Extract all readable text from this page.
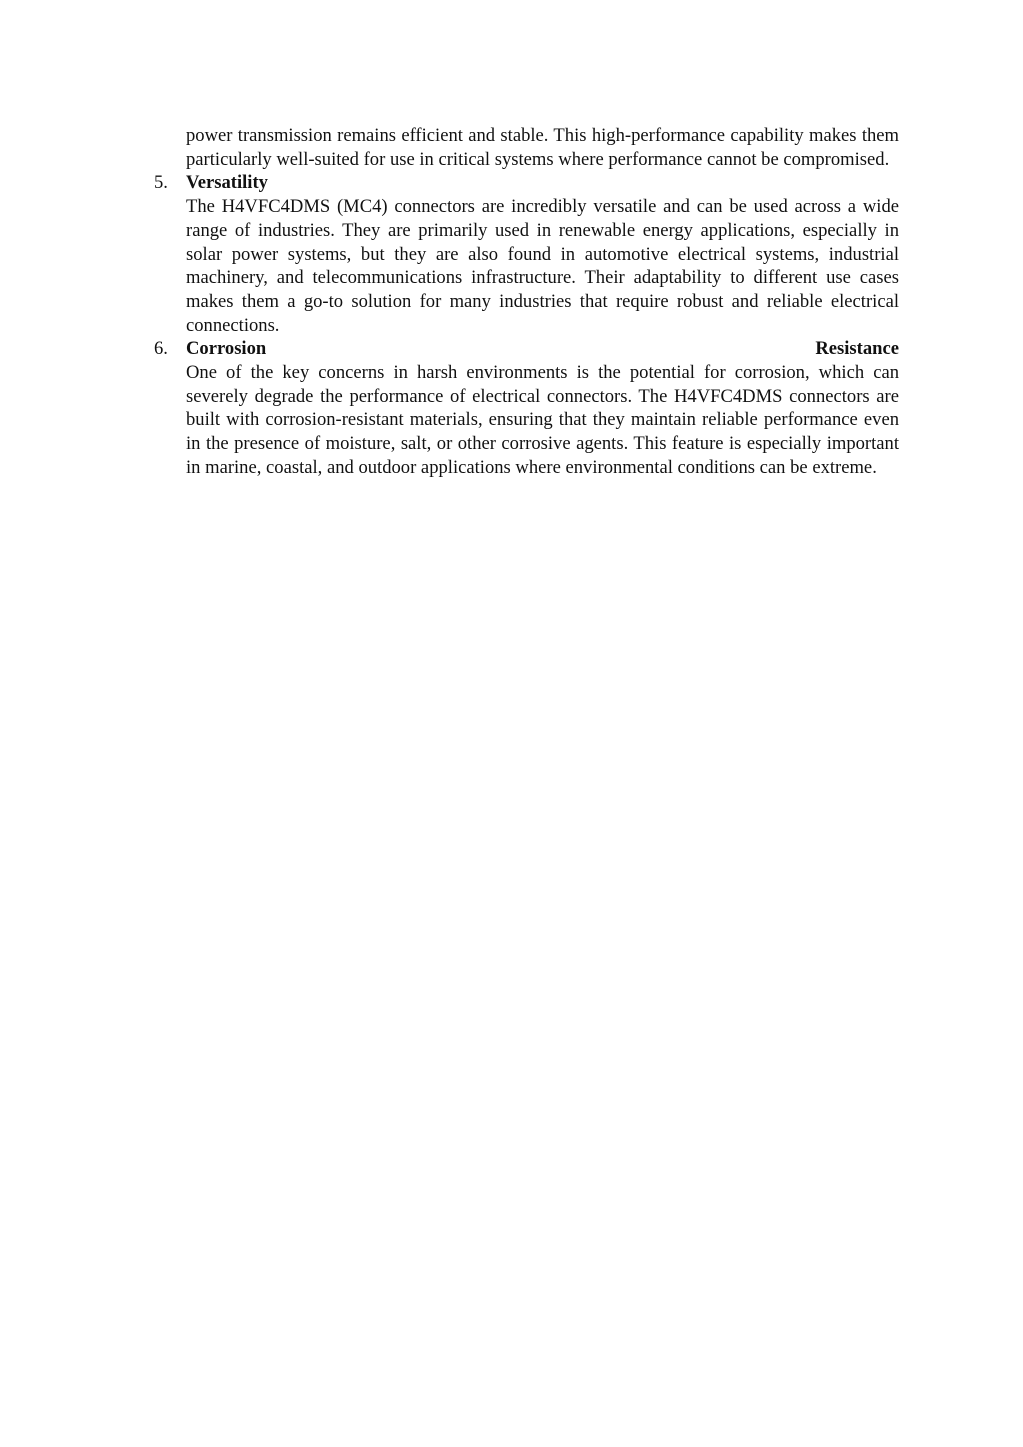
power transmission remains efficient and stable. This high-performance capability makes them particularly well-suited for use in critical systems where performance cannot be compromised.

5. Versatility

The H4VFC4DMS (MC4) connectors are incredibly versatile and can be used across a wide range of industries. They are primarily used in renewable energy applications, especially in solar power systems, but they are also found in automotive electrical systems, industrial machinery, and telecommunications infrastructure. Their adaptability to different use cases makes them a go-to solution for many industries that require robust and reliable electrical connections.

6. Corrosion	Resistance

One of the key concerns in harsh environments is the potential for corrosion, which can severely degrade the performance of electrical connectors. The H4VFC4DMS connectors are built with corrosion-resistant materials, ensuring that they maintain reliable performance even in the presence of moisture, salt, or other corrosive agents. This feature is especially important in marine, coastal, and outdoor applications where environmental conditions can be extreme.
